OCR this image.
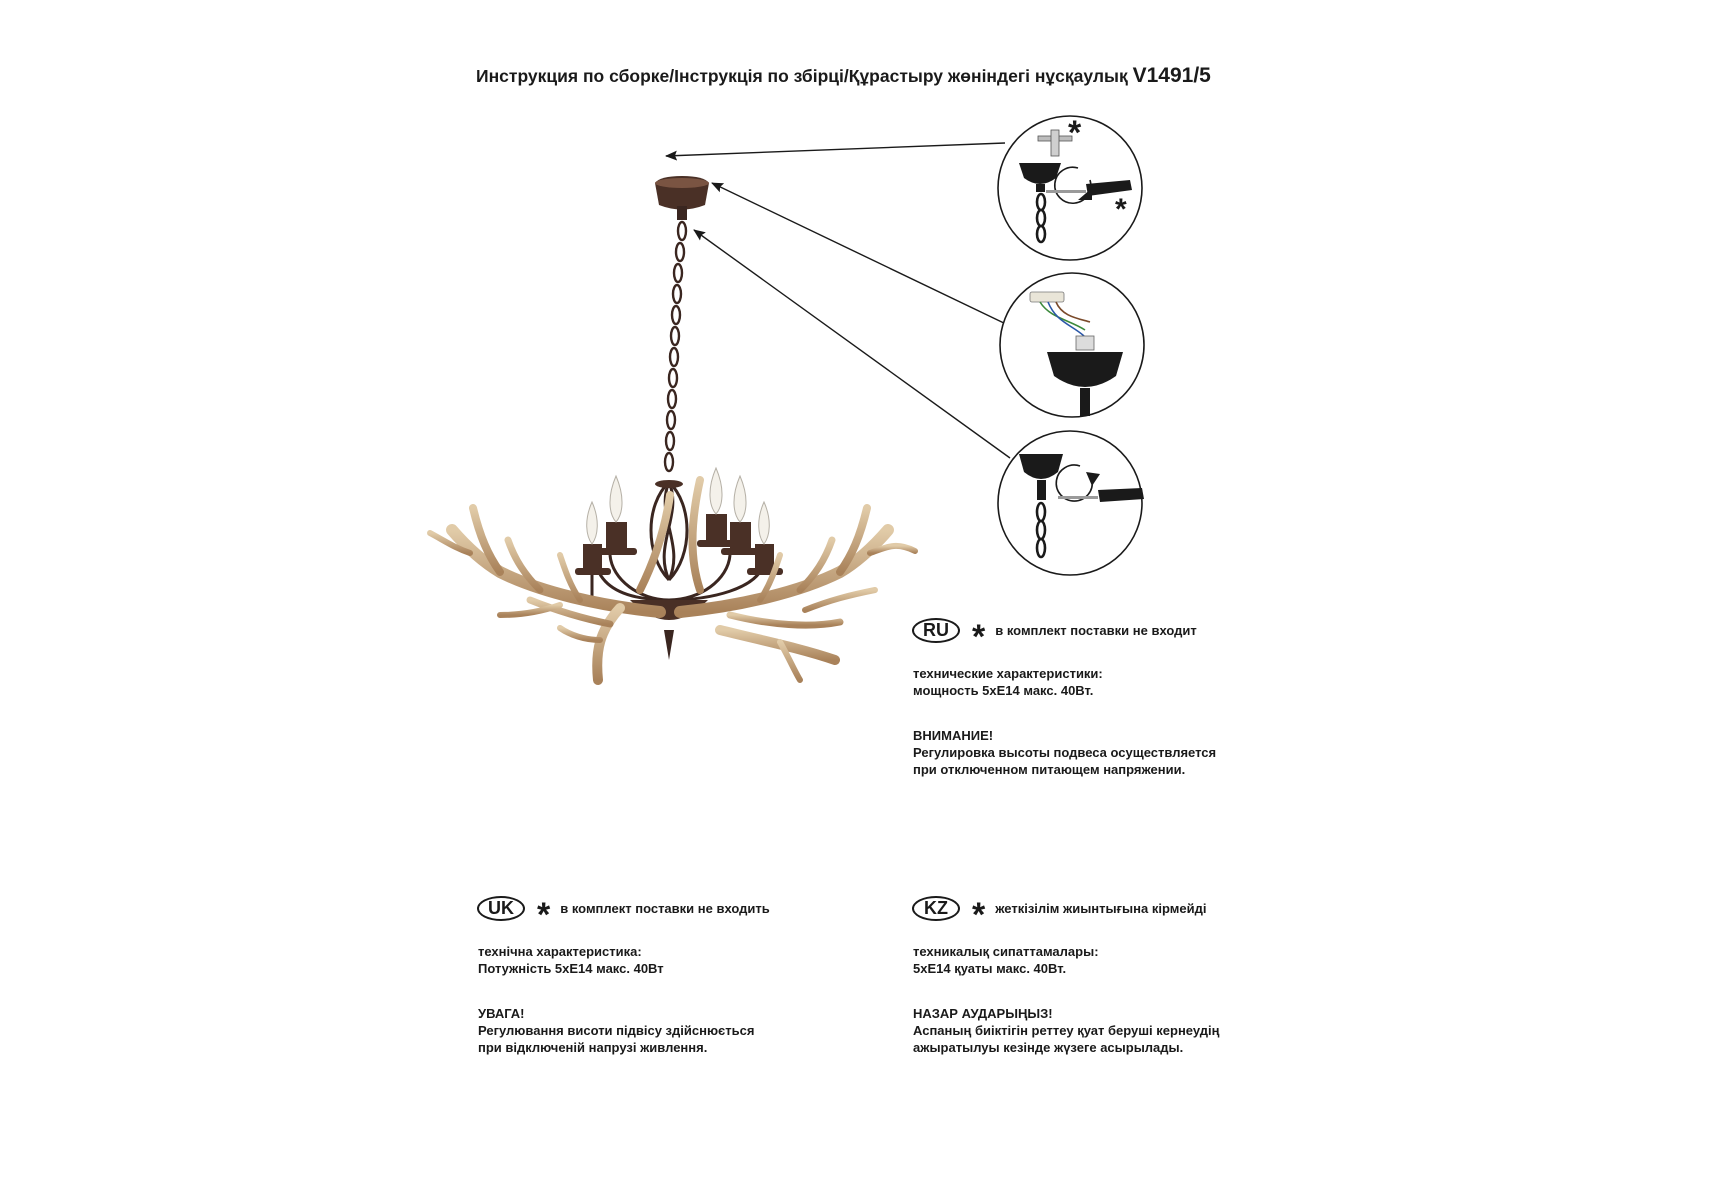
Инструкция по сборке/Інструкція по збірці/Құрастыру жөніндегі нұсқаулық V1491/5
*
*
RU * в комплект поставки не входит

технические характеристики:

мощность 5хЕ14 макс. 40Вт.

ВНИМАНИЕ!

Регулировка высоты подвеса осуществляется

при отключенном питающем напряжении.

UK * в комплект поставки не входить

технічна характеристика:

Потужність 5хЕ14 макс. 40Вт

УВАГА!

Регулювання висоти підвісу здійснюється

при відключеній напрузі живлення.

KZ * жеткізілім жиынтығына кірмейді

техникалық сипаттамалары:

5хЕ14 қуаты макс. 40Вт.

НАЗАР АУДАРЫҢЫЗ!

Аспаның биіктігін реттеу қуат беруші кернеудің

ажыратылуы кезінде жүзеге асырылады.
